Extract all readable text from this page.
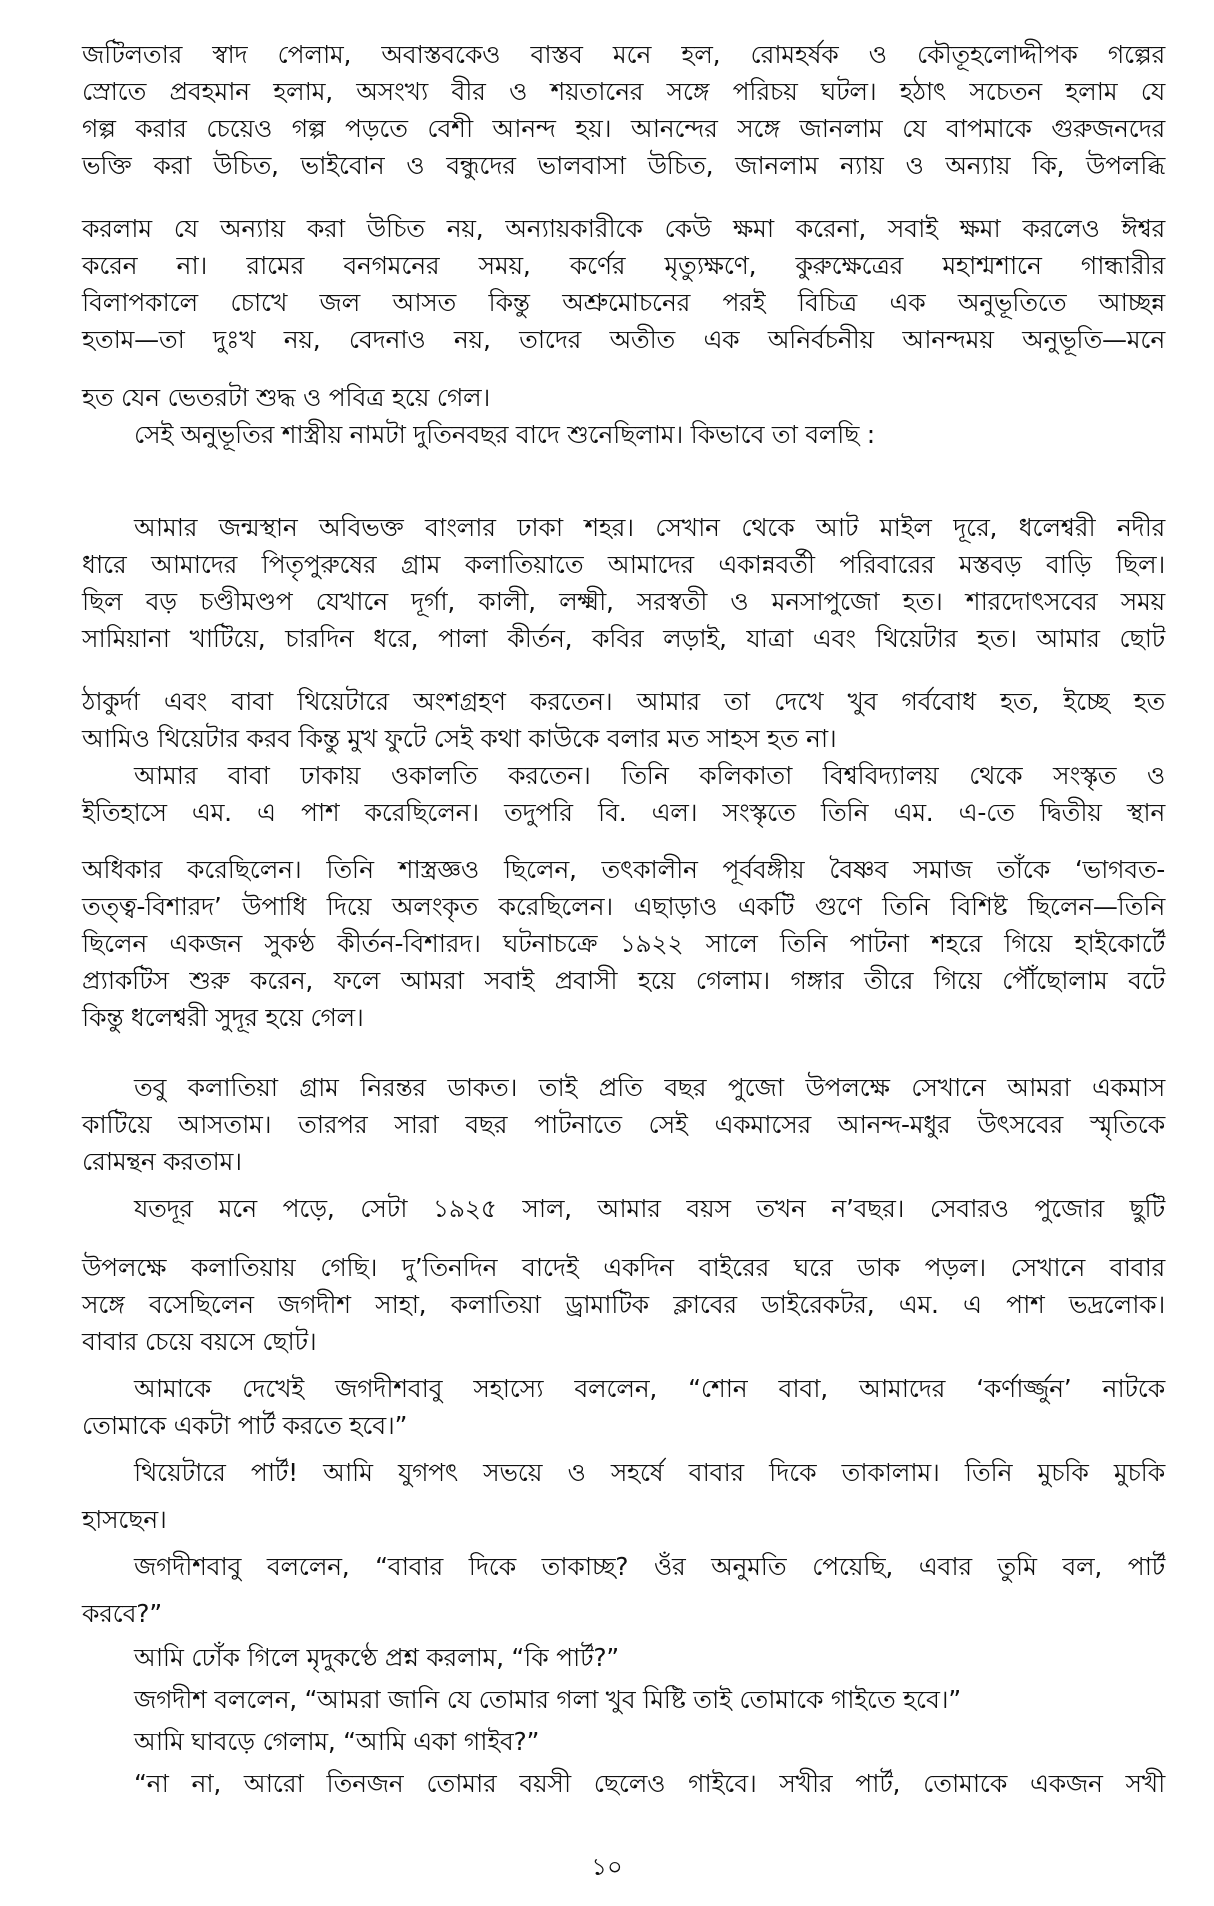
জটিলতার স্বাদ পেলাম, অবাস্তবকেও বাস্তব মনে হল, রোমহর্ষক ও কৌতূহলোদ্দীপক গল্পের
স্রোতে প্রবহমান হলাম, অসংখ্য বীর ও শয়তানের সঙ্গে পরিচয় ঘটল। হঠাৎ সচেতন হলাম যে
গল্প করার চেয়েও গল্প পড়তে বেশী আনন্দ হয়। আনন্দের সঙ্গে জানলাম যে বাপমাকে গুরুজনদের
ভক্তি করা উচিত, ভাইবোন ও বন্ধুদের ভালবাসা উচিত, জানলাম ন্যায় ও অন্যায় কি, উপলব্ধি
করলাম যে অন্যায় করা উচিত নয়, অন্যায়কারীকে কেউ ক্ষমা করেনা, সবাই ক্ষমা করলেও ঈশ্বর
করেন না। রামের বনগমনের সময়, কর্ণের মৃত্যুক্ষণে, কুরুক্ষেত্রের মহাশ্মশানে গান্ধারীর
বিলাপকালে চোখে জল আসত কিন্তু অশ্রুমোচনের পরই বিচিত্র এক অনুভূতিতে আচ্ছন্ন
হতাম—তা দুঃখ নয়, বেদনাও নয়, তাদের অতীত এক অনির্বচনীয় আনন্দময় অনুভূতি—মনে
হত যেন ভেতরটা শুদ্ধ ও পবিত্র হয়ে গেল।
সেই অনুভূতির শাস্ত্রীয় নামটা দুতিনবছর বাদে শুনেছিলাম। কিভাবে তা বলছি :
আমার জন্মস্থান অবিভক্ত বাংলার ঢাকা শহর। সেখান থেকে আট মাইল দূরে, ধলেশ্বরী নদীর
ধারে আমাদের পিতৃপুরুষের গ্রাম কলাতিয়াতে আমাদের একান্নবর্তী পরিবারের মস্তবড় বাড়ি ছিল।
ছিল বড় চণ্ডীমণ্ডপ যেখানে দূর্গা, কালী, লক্ষ্মী, সরস্বতী ও মনসাপুজো হত। শারদোৎসবের সময়
সামিয়ানা খাটিয়ে, চারদিন ধরে, পালা কীর্তন, কবির লড়াই, যাত্রা এবং থিয়েটার হত। আমার ছোট
ঠাকুর্দা এবং বাবা থিয়েটারে অংশগ্রহণ করতেন। আমার তা দেখে খুব গর্ববোধ হত, ইচ্ছে হত
আমিও থিয়েটার করব কিন্তু মুখ ফুটে সেই কথা কাউকে বলার মত সাহস হত না।
আমার বাবা ঢাকায় ওকালতি করতেন। তিনি কলিকাতা বিশ্ববিদ্যালয় থেকে সংস্কৃত ও
ইতিহাসে এম. এ পাশ করেছিলেন। তদুপরি বি. এল। সংস্কৃতে তিনি এম. এ-তে দ্বিতীয় স্থান
অধিকার করেছিলেন। তিনি শাস্ত্রজ্ঞও ছিলেন, তৎকালীন পূর্ববঙ্গীয় বৈষ্ণব সমাজ তাঁকে ‘ভাগবত-
তত্ত্ব-বিশারদ’ উপাধি দিয়ে অলংকৃত করেছিলেন। এছাড়াও একটি গুণে তিনি বিশিষ্ট ছিলেন—তিনি
ছিলেন একজন সুকণ্ঠ কীর্তন-বিশারদ। ঘটনাচক্রে ১৯২২ সালে তিনি পাটনা শহরে গিয়ে হাইকোর্টে
প্র্যাকটিস শুরু করেন, ফলে আমরা সবাই প্রবাসী হয়ে গেলাম। গঙ্গার তীরে গিয়ে পৌঁছোলাম বটে
কিন্তু ধলেশ্বরী সুদূর হয়ে গেল।
তবু কলাতিয়া গ্রাম নিরন্তর ডাকত। তাই প্রতি বছর পুজো উপলক্ষে সেখানে আমরা একমাস
কাটিয়ে আসতাম। তারপর সারা বছর পাটনাতে সেই একমাসের আনন্দ-মধুর উৎসবের স্মৃতিকে
রোমন্থন করতাম।
যতদূর মনে পড়ে, সেটা ১৯২৫ সাল, আমার বয়স তখন ন’বছর। সেবারও পুজোর ছুটি
উপলক্ষে কলাতিয়ায় গেছি। দু’তিনদিন বাদেই একদিন বাইরের ঘরে ডাক পড়ল। সেখানে বাবার
সঙ্গে বসেছিলেন জগদীশ সাহা, কলাতিয়া ড্রামাটিক ক্লাবের ডাইরেকটর, এম. এ পাশ ভদ্রলোক।
বাবার চেয়ে বয়সে ছোট।
আমাকে দেখেই জগদীশবাবু সহাস্যে বললেন, “শোন বাবা, আমাদের ‘কর্ণার্জ্জুন’ নাটকে
তোমাকে একটা পার্ট করতে হবে।”
থিয়েটারে পার্ট! আমি যুগপৎ সভয়ে ও সহর্ষে বাবার দিকে তাকালাম। তিনি মুচকি মুচকি
হাসছেন।
জগদীশবাবু বললেন, “বাবার দিকে তাকাচ্ছ? ওঁর অনুমতি পেয়েছি, এবার তুমি বল, পার্ট
করবে?”
আমি ঢোঁক গিলে মৃদুকণ্ঠে প্রশ্ন করলাম, “কি পার্ট?”
জগদীশ বললেন, “আমরা জানি যে তোমার গলা খুব মিষ্টি তাই তোমাকে গাইতে হবে।”
আমি ঘাবড়ে গেলাম, “আমি একা গাইব?”
“না না, আরো তিনজন তোমার বয়সী ছেলেও গাইবে। সখীর পার্ট, তোমাকে একজন সখী
১০
